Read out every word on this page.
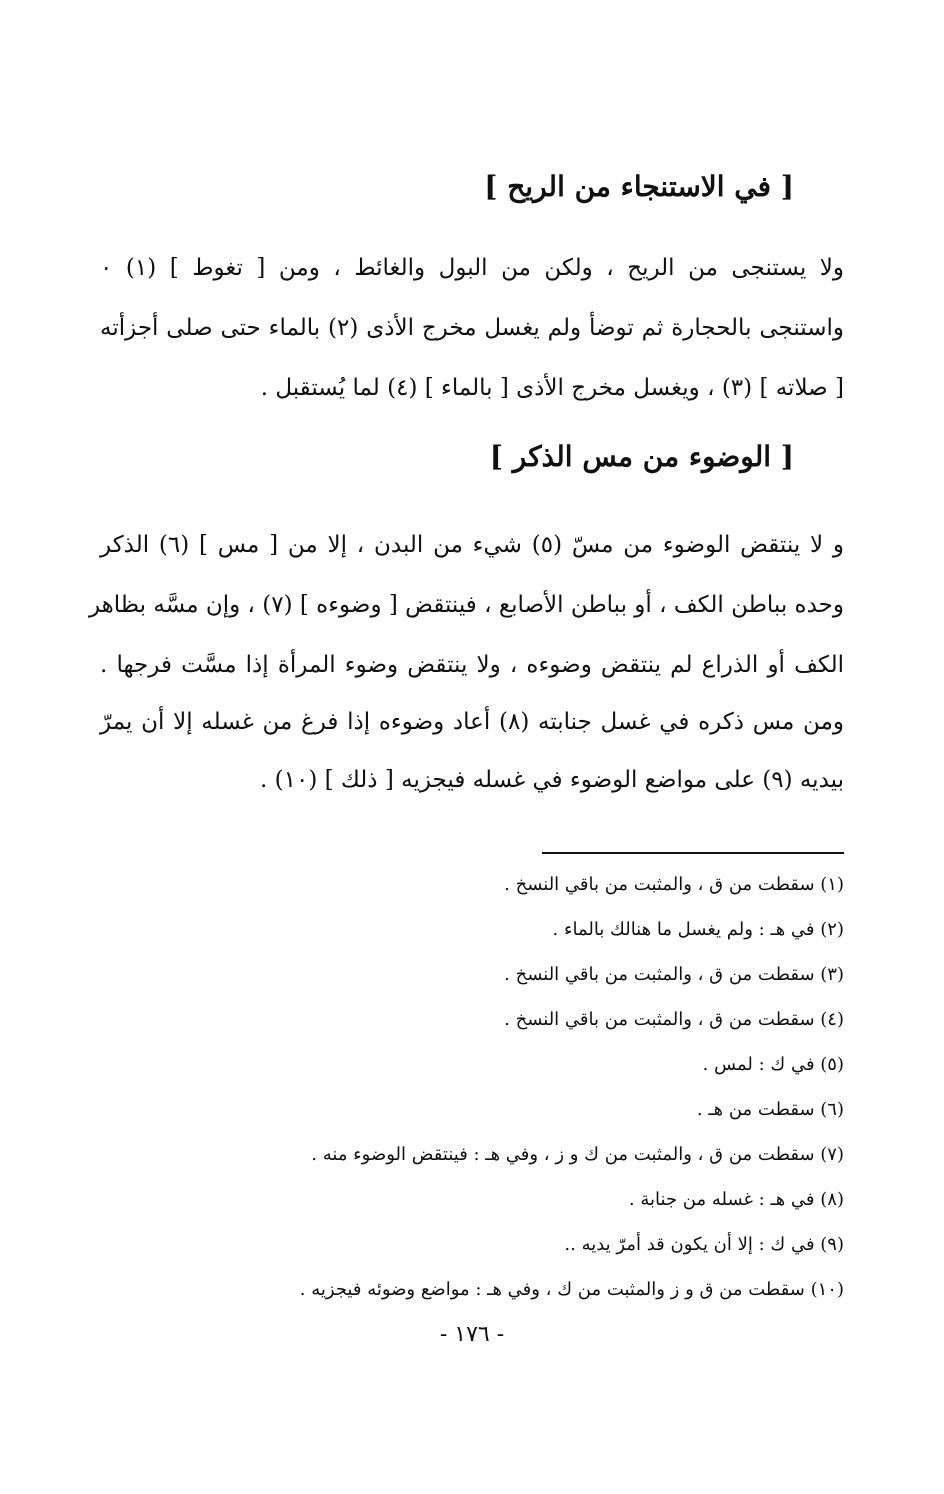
[ في الاستنجاء من الريح ]
ولا يستنجى من الريح ، ولكن من البول والغائط ، ومن [ تغوط ] (١) ٠
واستنجى بالحجارة ثم توضأ ولم يغسل مخرج الأذى (٢) بالماء حتى صلى أجزأته
[ صلاته ] (٣) ، ويغسل مخرج الأذى [ بالماء ] (٤) لما يُستقبل .
[ الوضوء من مس الذكر ]
و لا ينتقض الوضوء من مسّ (٥) شيء من البدن ، إلا من [ مس ] (٦) الذكر
وحده بباطن الكف ، أو بباطن الأصابع ، فينتقض [ وضوءه ] (٧) ، وإن مسَّه بظاهر
الكف أو الذراع لم ينتقض وضوءه ، ولا ينتقض وضوء المرأة إذا مسَّت فرجها .
ومن مس ذكره في غسل جنابته (٨) أعاد وضوءه إذا فرغ من غسله إلا أن يمرّ
بيديه (٩) على مواضع الوضوء في غسله فيجزيه [ ذلك ] (١٠) .
(١) سقطت من ق ، والمثبت من باقي النسخ .
(٢) في هـ : ولم يغسل ما هنالك بالماء .
(٣) سقطت من ق ، والمثبت من باقي النسخ .
(٤) سقطت من ق ، والمثبت من باقي النسخ .
(٥) في ك : لمس .
(٦) سقطت من هـ .
(٧) سقطت من ق ، والمثبت من ك و ز ، وفي هـ : فينتقض الوضوء منه .
(٨) في هـ : غسله من جنابة .
(٩) في ك : إلا أن يكون قد أمرّ يديه ..
(١٠) سقطت من ق و ز والمثبت من ك ، وفي هـ : مواضع وضوئه فيجزيه .
- ١٧٦ -
